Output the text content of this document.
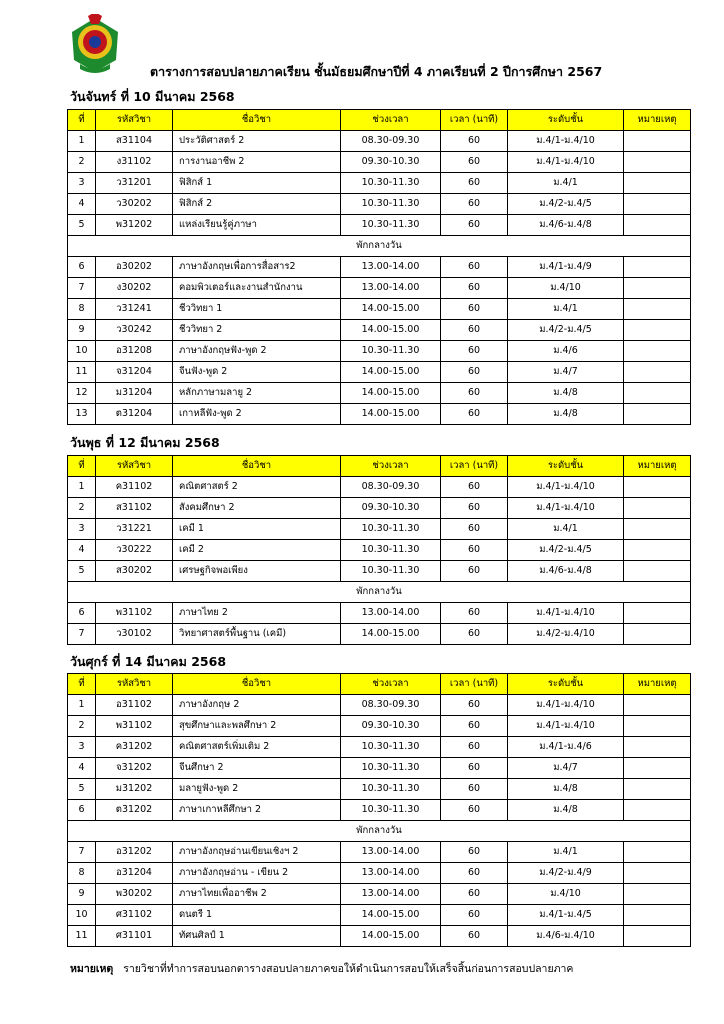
ตารางการสอบปลายภาคเรียน ชั้นมัธยมศึกษาปีที่ 4 ภาคเรียนที่ 2 ปีการศึกษา 2567
วันจันทร์ ที่ 10 มีนาคม 2568
ที่	รหัสวิชา	ชื่อวิชา	ช่วงเวลา	เวลา (นาที)	ระดับชั้น	หมายเหตุ
1	ส31104	ประวัติศาสตร์ 2	08.30-09.30	60	ม.4/1-ม.4/10	
2	ง31102	การงานอาชีพ 2	09.30-10.30	60	ม.4/1-ม.4/10	
3	ว31201	ฟิสิกส์ 1	10.30-11.30	60	ม.4/1	
4	ว30202	ฟิสิกส์ 2	10.30-11.30	60	ม.4/2-ม.4/5	
5	พ31202	แหล่งเรียนรู้คู่ภาษา	10.30-11.30	60	ม.4/6-ม.4/8	
พักกลางวัน						
6	อ30202	ภาษาอังกฤษเพื่อการสื่อสาร2	13.00-14.00	60	ม.4/1-ม.4/9	
7	ง30202	คอมพิวเตอร์และงานสำนักงาน	13.00-14.00	60	ม.4/10	
8	ว31241	ชีววิทยา 1	14.00-15.00	60	ม.4/1	
9	ว30242	ชีววิทยา 2	14.00-15.00	60	ม.4/2-ม.4/5	
10	อ31208	ภาษาอังกฤษฟัง-พูด 2	10.30-11.30	60	ม.4/6	
11	จ31204	จีนฟัง-พูด 2	14.00-15.00	60	ม.4/7	
12	ม31204	หลักภาษามลายู 2	14.00-15.00	60	ม.4/8	
13	ต31204	เกาหลีฟัง-พูด 2	14.00-15.00	60	ม.4/8	
วันพุธ ที่ 12 มีนาคม 2568
ที่	รหัสวิชา	ชื่อวิชา	ช่วงเวลา	เวลา (นาที)	ระดับชั้น	หมายเหตุ
1	ค31102	คณิตศาสตร์ 2	08.30-09.30	60	ม.4/1-ม.4/10	
2	ส31102	สังคมศึกษา 2	09.30-10.30	60	ม.4/1-ม.4/10	
3	ว31221	เคมี 1	10.30-11.30	60	ม.4/1	
4	ว30222	เคมี 2	10.30-11.30	60	ม.4/2-ม.4/5	
5	ส30202	เศรษฐกิจพอเพียง	10.30-11.30	60	ม.4/6-ม.4/8	
พักกลางวัน						
6	พ31102	ภาษาไทย 2	13.00-14.00	60	ม.4/1-ม.4/10	
7	ว30102	วิทยาศาสตร์พื้นฐาน (เคมี)	14.00-15.00	60	ม.4/2-ม.4/10	
วันศุกร์ ที่ 14 มีนาคม 2568
ที่	รหัสวิชา	ชื่อวิชา	ช่วงเวลา	เวลา (นาที)	ระดับชั้น	หมายเหตุ
1	อ31102	ภาษาอังกฤษ 2	08.30-09.30	60	ม.4/1-ม.4/10	
2	พ31102	สุขศึกษาและพลศึกษา 2	09.30-10.30	60	ม.4/1-ม.4/10	
3	ค31202	คณิตศาสตร์เพิ่มเติม 2	10.30-11.30	60	ม.4/1-ม.4/6	
4	จ31202	จีนศึกษา 2	10.30-11.30	60	ม.4/7	
5	ม31202	มลายูฟัง-พูด 2	10.30-11.30	60	ม.4/8	
6	ต31202	ภาษาเกาหลีศึกษา 2	10.30-11.30	60	ม.4/8	
พักกลางวัน						
7	อ31202	ภาษาอังกฤษอ่านเขียนเชิงฯ 2	13.00-14.00	60	ม.4/1	
8	อ31204	ภาษาอังกฤษอ่าน - เขียน 2	13.00-14.00	60	ม.4/2-ม.4/9	
9	พ30202	ภาษาไทยเพื่ออาชีพ 2	13.00-14.00	60	ม.4/10	
10	ศ31102	ดนตรี 1	14.00-15.00	60	ม.4/1-ม.4/5	
11	ศ31101	ทัศนศิลป์ 1	14.00-15.00	60	ม.4/6-ม.4/10	
หมายเหตุ รายวิชาที่ทำการสอบนอกตารางสอบปลายภาคขอให้ดำเนินการสอบให้เสร็จสิ้นก่อนการสอบปลายภาค
